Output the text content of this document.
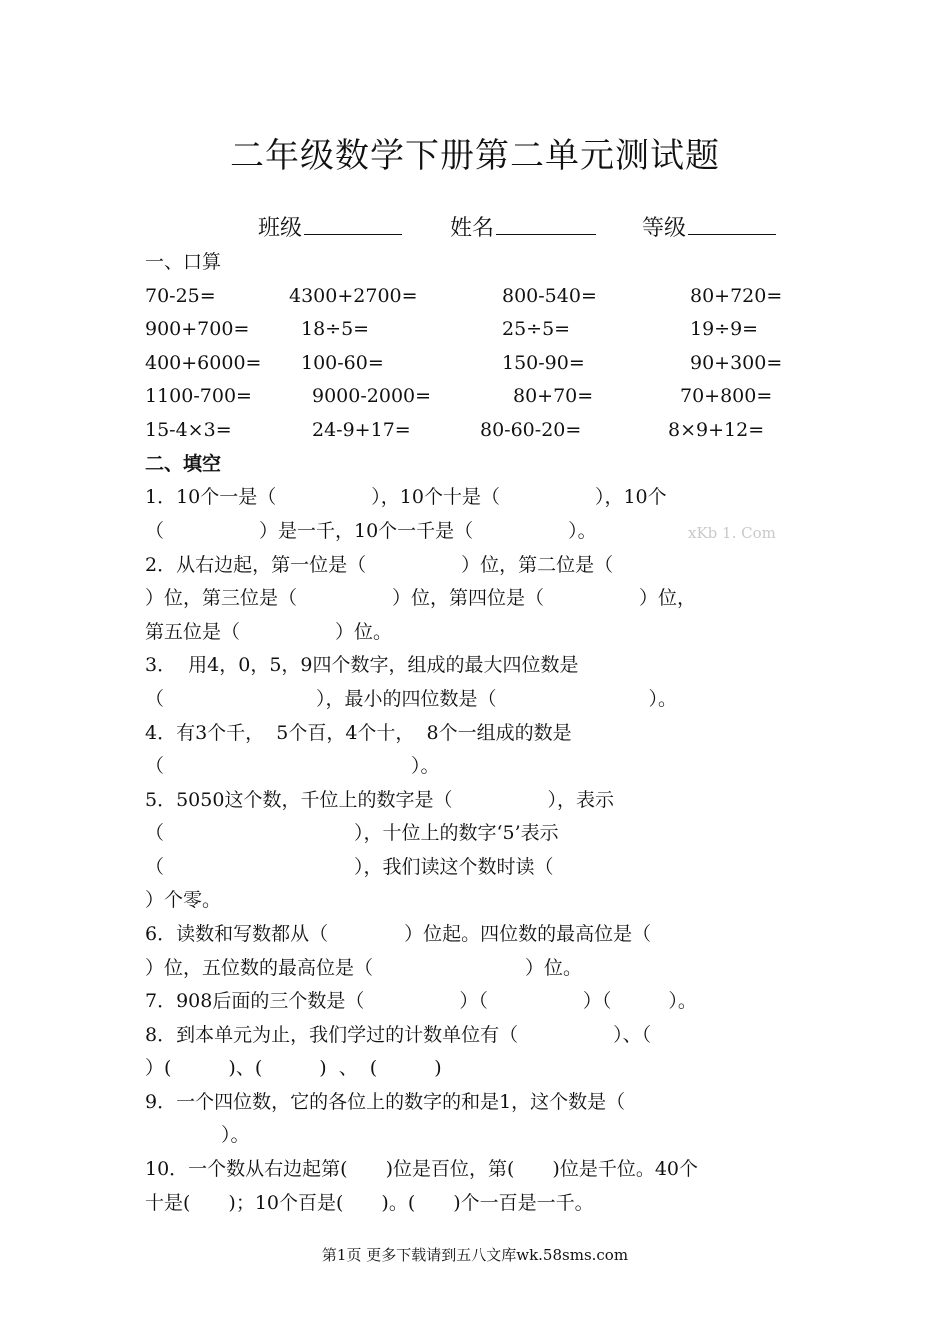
二年级数学下册第二单元测试题
班级	姓名	等级
一、口算
70-25=	4300+2700=	800-540=	80+720=
900+700=	18÷5=	25÷5=	19÷9=
400+6000= 100-60=	150-90=	90+300=
1100-700=	9000-2000=	80+70=	70+800=
15-4×3=	24-9+17=	80-60-20=	8×9+12=
二、填空
1．10个一是（　　　　　），10个十是（　　　　　），10个
（　　　　　）是一千，10个一千是（　　　　　）。
2．从右边起，第一位是（　　　　　）位，第二位是（
）位，第三位是（　　　　　）位，第四位是（　　　　　）位，
第五位是（　　　　　）位。
3．  用4，0，5，9四个数字，组成的最大四位数是
（　　　　　　　　），最小的四位数是（　　　　　　　　）。
4．有3个千，  5个百，4个十，  8个一组成的数是
（　　　　　　　　　　　　　）。
5．5050这个数，千位上的数字是（　　　　　），表示
（　　　　　　　　　　），十位上的数字‘5’表示
（　　　　　　　　　　），我们读这个数时读（
）个零。
6．读数和写数都从（　　　　）位起。四位数的最高位是（
）位，五位数的最高位是（　　　　　　　　）位。
7．908后面的三个数是（　　　　　）（　　　　　）（　　　）。
8．到本单元为止，我们学过的计数单位有（　　　　　）、（
）(　　　)、(　　　)  、  (　　　)
9．一个四位数，它的各位上的数字的和是1，这个数是（
　　　　）。
10．一个数从右边起第(　　)位是百位，第(　　)位是千位。40个
十是(　　)；10个百是(　　)。(　　)个一百是一千。
xKb 1. Com
第1页 更多下载请到五八文库wk.58sms.com
